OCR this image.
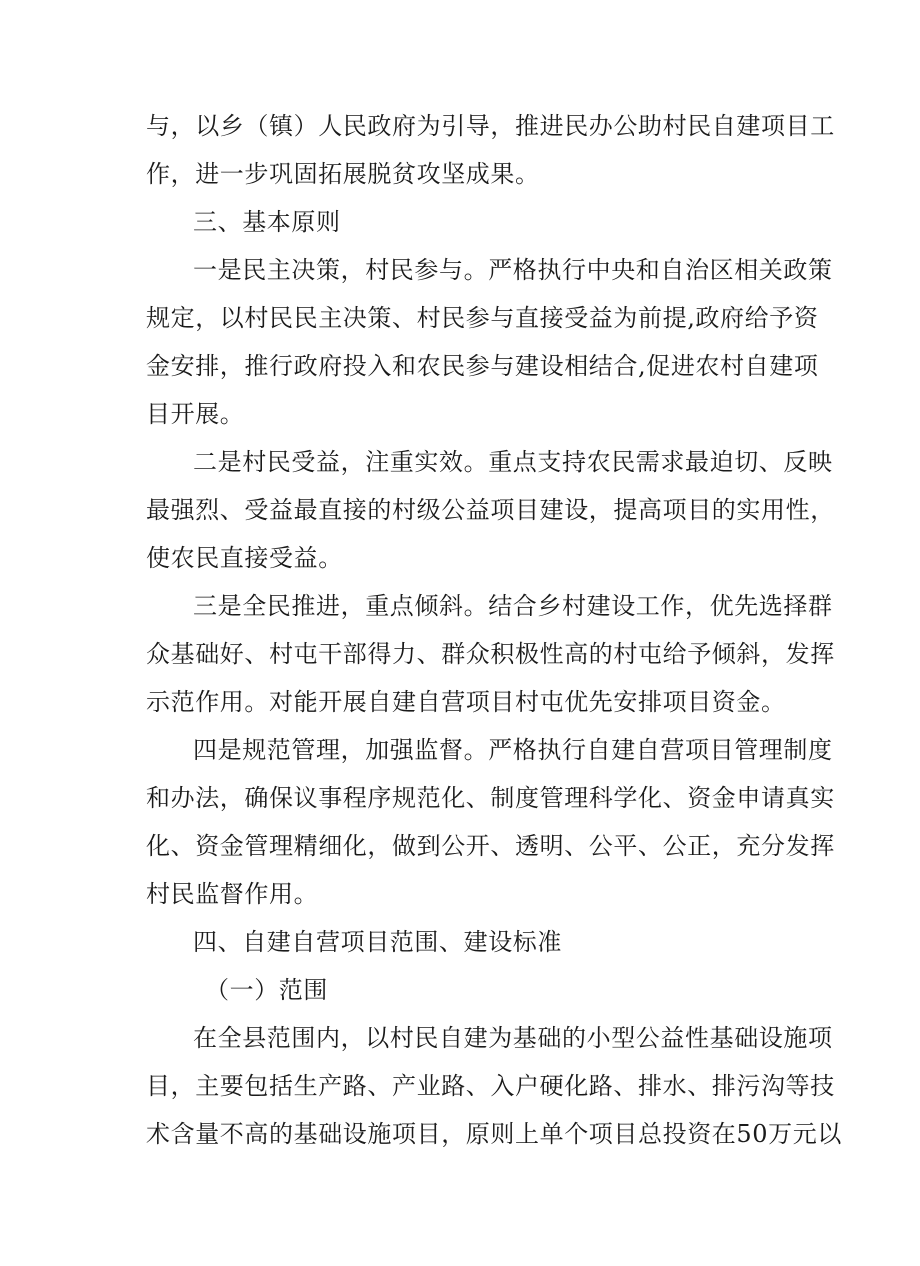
与，以乡（镇）人民政府为引导，推进民办公助村民自建项目工
作，进一步巩固拓展脱贫攻坚成果。
三、基本原则
一是民主决策，村民参与。严格执行中央和自治区相关政策
规定，以村民民主决策、村民参与直接受益为前提,政府给予资
金安排，推行政府投入和农民参与建设相结合,促进农村自建项
目开展。
二是村民受益，注重实效。重点支持农民需求最迫切、反映
最强烈、受益最直接的村级公益项目建设，提高项目的实用性，
使农民直接受益。
三是全民推进，重点倾斜。结合乡村建设工作，优先选择群
众基础好、村屯干部得力、群众积极性高的村屯给予倾斜，发挥
示范作用。对能开展自建自营项目村屯优先安排项目资金。
四是规范管理，加强监督。严格执行自建自营项目管理制度
和办法，确保议事程序规范化、制度管理科学化、资金申请真实
化、资金管理精细化，做到公开、透明、公平、公正，充分发挥
村民监督作用。
四、自建自营项目范围、建设标准
（一）范围
在全县范围内，以村民自建为基础的小型公益性基础设施项
目，主要包括生产路、产业路、入户硬化路、排水、排污沟等技
术含量不高的基础设施项目，原则上单个项目总投资在50万元以
